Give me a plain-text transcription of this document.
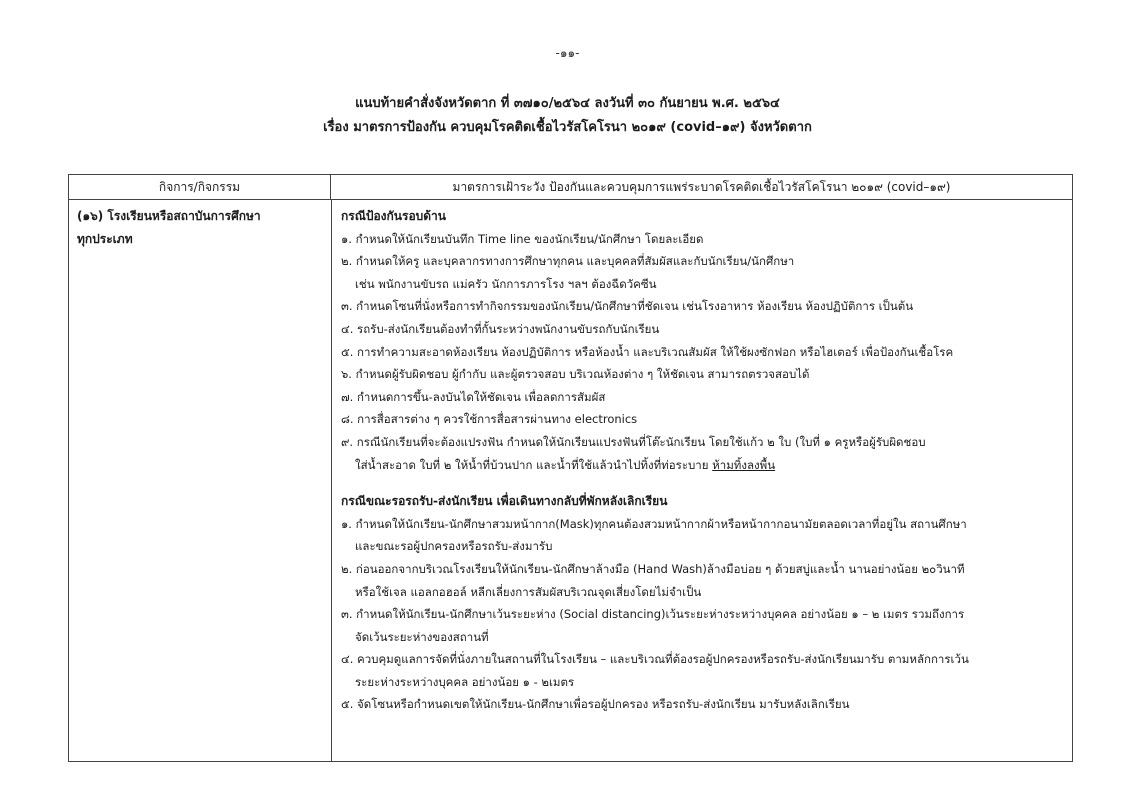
-๑๑-
แนบท้ายคำสั่งจังหวัดตาก ที่ ๓๗๑๐/๒๕๖๔ ลงวันที่ ๓๐ กันยายน พ.ศ. ๒๕๖๔
เรื่อง มาตรการป้องกัน ควบคุมโรคติดเชื้อไวรัสโคโรนา ๒๐๑๙ (covid–๑๙) จังหวัดตาก
กิจการ/กิจกรรม	มาตรการเฝ้าระวัง ป้องกันและควบคุมการแพร่ระบาดโรคติดเชื้อไวรัสโคโรนา ๒๐๑๙ (covid–๑๙)
(๑๖) โรงเรียนหรือสถาบันการศึกษา
ทุกประเภท
กรณีป้องกันรอบด้าน
๑. กำหนดให้นักเรียนบันทึก Time line ของนักเรียน/นักศึกษา โดยละเอียด
๒. กำหนดให้ครู และบุคลากรทางการศึกษาทุกคน และบุคคลที่สัมผัสและกับนักเรียน/นักศึกษา
เช่น พนักงานขับรถ แม่ครัว นักการภารโรง ฯลฯ ต้องฉีดวัคซีน
๓. กำหนดโซนที่นั่งหรือการทำกิจกรรมของนักเรียน/นักศึกษาที่ชัดเจน เช่นโรงอาหาร ห้องเรียน ห้องปฏิบัติการ เป็นต้น
๔. รถรับ-ส่งนักเรียนต้องทำที่กั้นระหว่างพนักงานขับรถกับนักเรียน
๕. การทำความสะอาดห้องเรียน ห้องปฏิบัติการ หรือห้องน้ำ และบริเวณสัมผัส ให้ใช้ผงซักฟอก หรือไฮเตอร์ เพื่อป้องกันเชื้อโรค
๖. กำหนดผู้รับผิดชอบ ผู้กำกับ และผู้ตรวจสอบ บริเวณห้องต่าง ๆ ให้ชัดเจน สามารถตรวจสอบได้
๗. กำหนดการขึ้น-ลงบันไดให้ชัดเจน เพื่อลดการสัมผัส
๘. การสื่อสารต่าง ๆ ควรใช้การสื่อสารผ่านทาง electronics
๙. กรณีนักเรียนที่จะต้องแปรงฟัน กำหนดให้นักเรียนแปรงฟันที่โต๊ะนักเรียน โดยใช้แก้ว ๒ ใบ (ใบที่ ๑ ครูหรือผู้รับผิดชอบ
ใส่น้ำสะอาด ใบที่ ๒ ให้น้ำที่บ้วนปาก และน้ำที่ใช้แล้วนำไปทิ้งที่ท่อระบาย ห้ามทิ้งลงพื้น
กรณีขณะรอรถรับ-ส่งนักเรียน เพื่อเดินทางกลับที่พักหลังเลิกเรียน
๑. กำหนดให้นักเรียน-นักศึกษาสวมหน้ากาก(Mask)ทุกคนต้องสวมหน้ากากผ้าหรือหน้ากากอนามัยตลอดเวลาที่อยู่ใน สถานศึกษา
และขณะรอผู้ปกครองหรือรถรับ-ส่งมารับ
๒. ก่อนออกจากบริเวณโรงเรียนให้นักเรียน-นักศึกษาล้างมือ (Hand Wash)ล้างมือบ่อย ๆ ด้วยสบู่และน้ำ นานอย่างน้อย ๒๐วินาที
หรือใช้เจล แอลกอฮอล์ หลีกเลี่ยงการสัมผัสบริเวณจุดเสี่ยงโดยไม่จำเป็น
๓. กำหนดให้นักเรียน-นักศึกษาเว้นระยะห่าง (Social distancing)เว้นระยะห่างระหว่างบุคคล อย่างน้อย ๑ – ๒ เมตร รวมถึงการ
จัดเว้นระยะห่างของสถานที่
๔. ควบคุมดูแลการจัดที่นั่งภายในสถานที่ในโรงเรียน – และบริเวณที่ต้องรอผู้ปกครองหรือรถรับ-ส่งนักเรียนมารับ ตามหลักการเว้น
ระยะห่างระหว่างบุคคล อย่างน้อย ๑ - ๒เมตร
๕. จัดโซนหรือกำหนดเขตให้นักเรียน-นักศึกษาเพื่อรอผู้ปกครอง หรือรถรับ-ส่งนักเรียน มารับหลังเลิกเรียน
